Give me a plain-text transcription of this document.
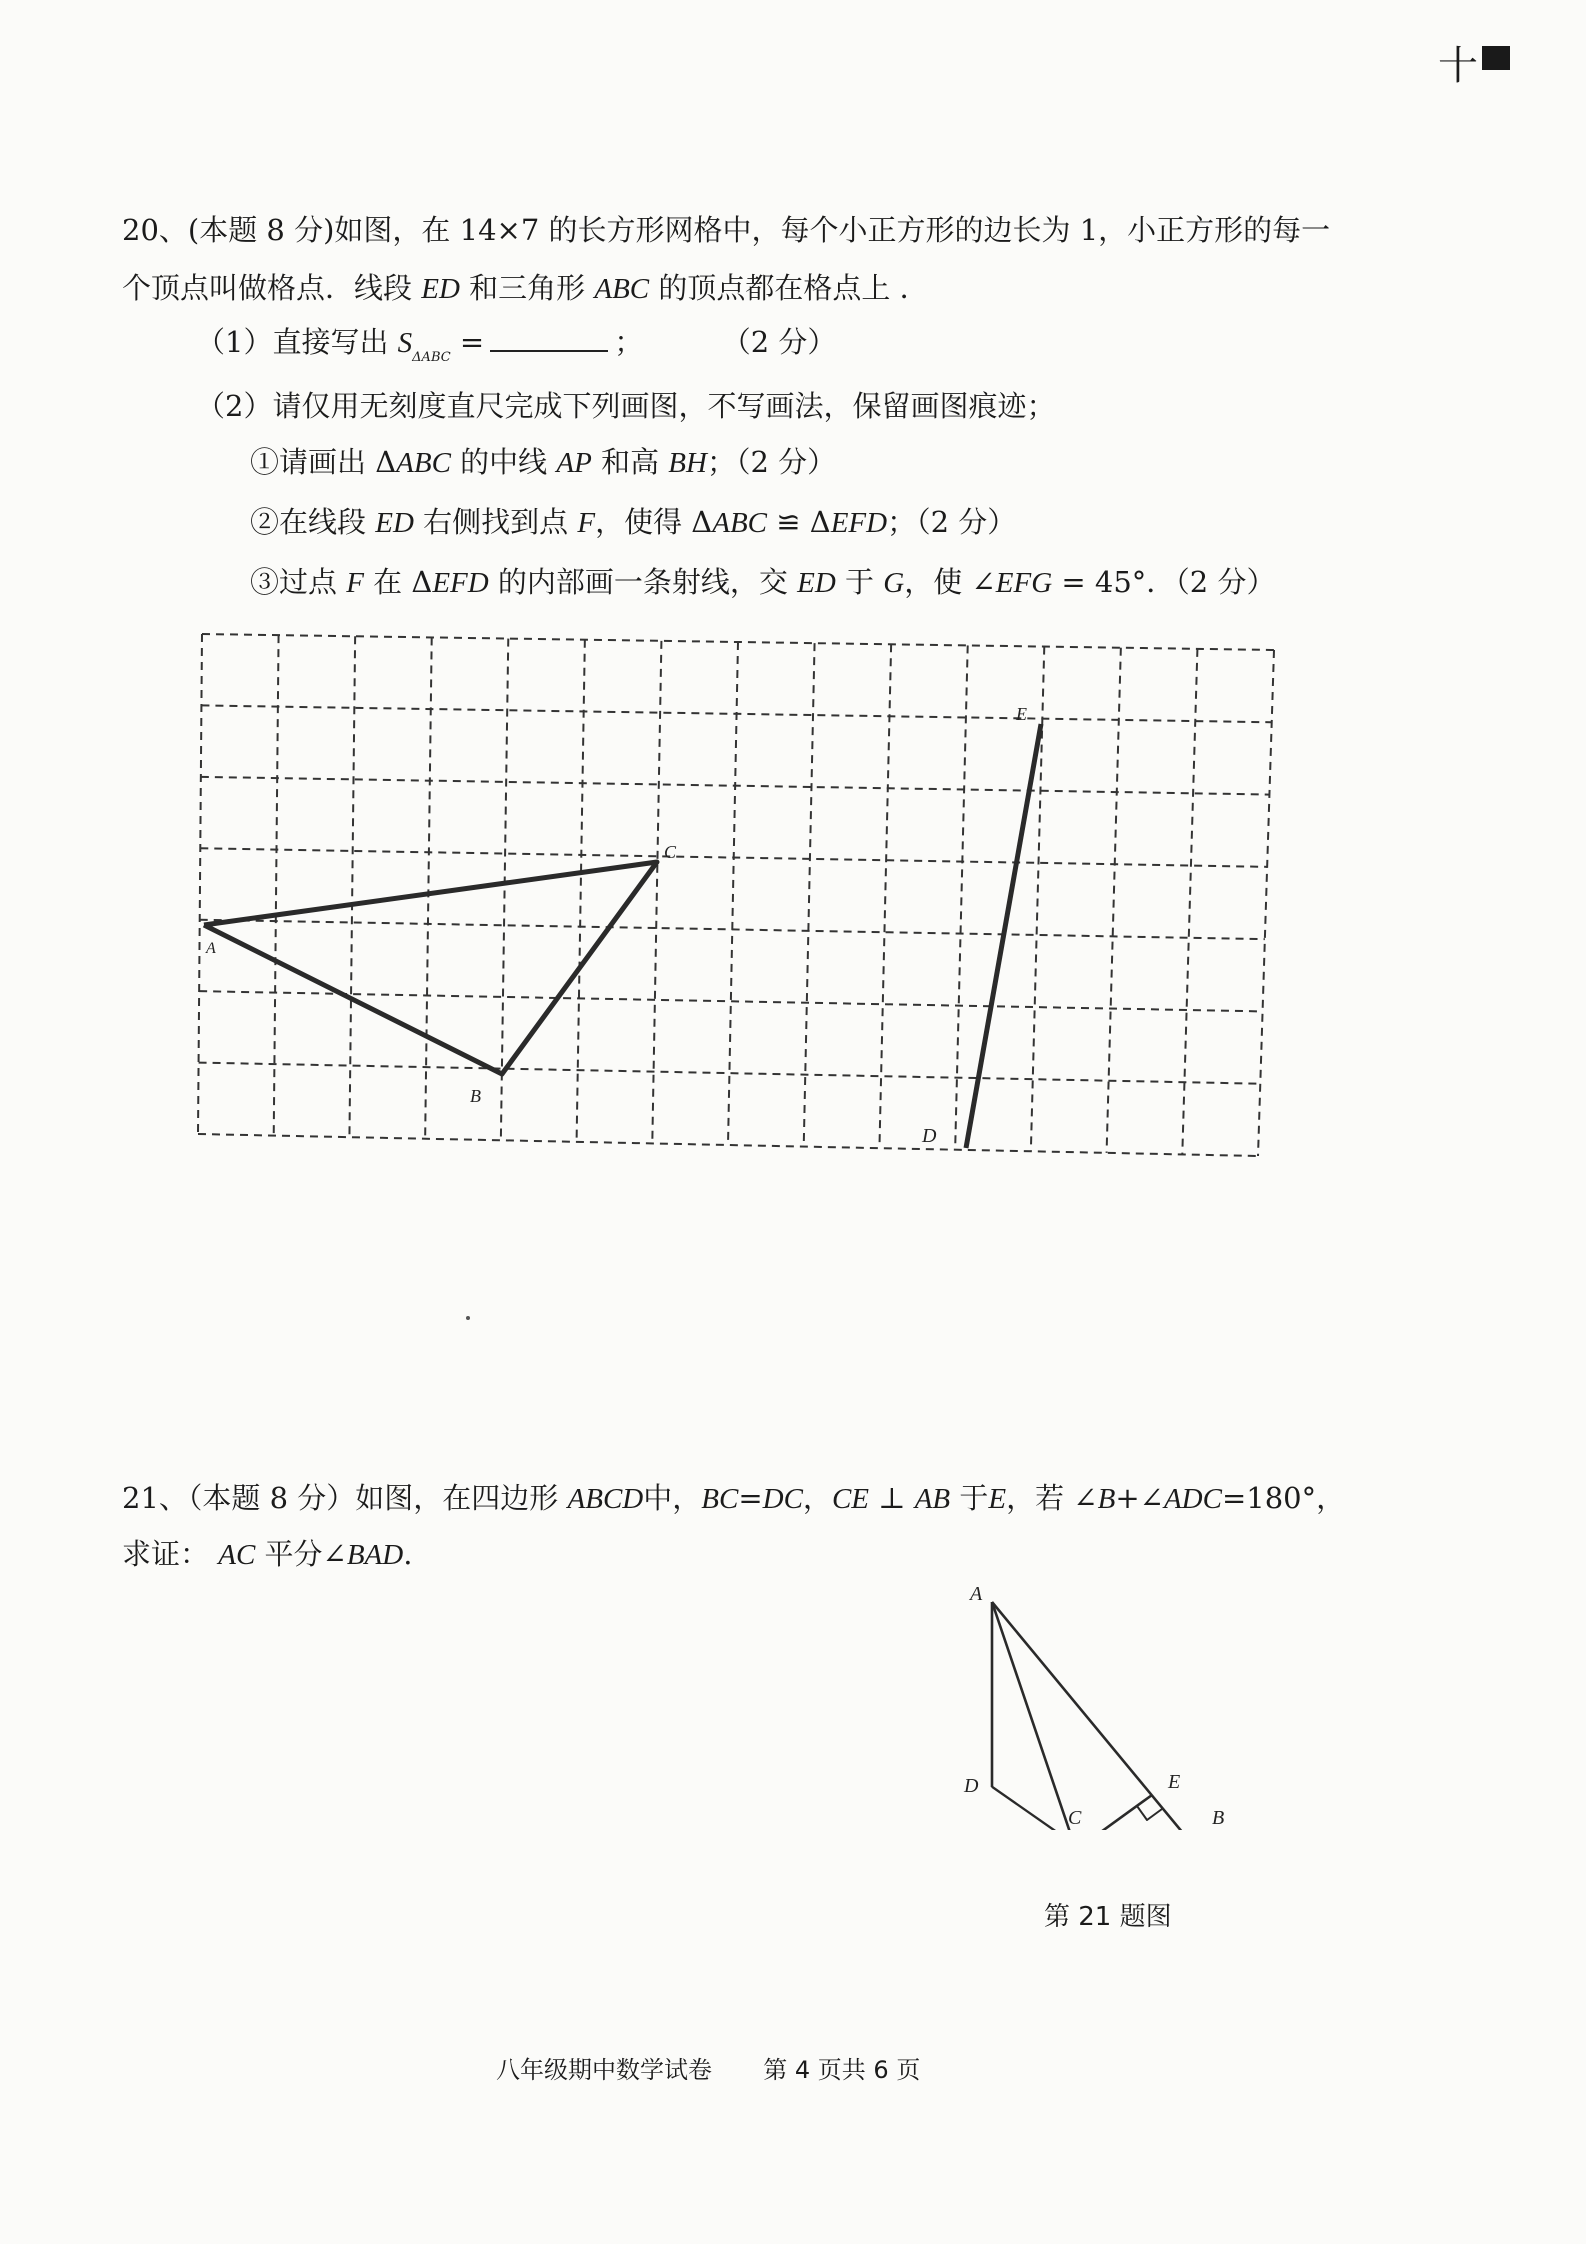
十
20、(本题 8 分)如图，在 14×7 的长方形网格中，每个小正方形的边长为 1，小正方形的每一
个顶点叫做格点．线段 ED 和三角形 ABC 的顶点都在格点上 ．
（1）直接写出 $S_{\Delta ABC}$ =	；	（2 分）
（2）请仅用无刻度直尺完成下列画图，不写画法，保留画图痕迹；
①请画出 ΔABC 的中线 AP 和高 BH；（2 分）
②在线段 ED 右侧找到点 F，使得 ΔABC ≌ ΔEFD；（2 分）
③过点 F 在 ΔEFD 的内部画一条射线，交 ED 于 G，使 ∠EFG = 45°．（2 分）
A
B
C
D
E
21、（本题 8 分）如图，在四边形 ABCD中，BC=DC，CE ⊥ AB 于E，若 ∠B+∠ADC=180°，
求证： AC 平分∠BAD.
A
D	E
C	B
第 21 题图
八年级期中数学试卷 第 4 页共 6 页
